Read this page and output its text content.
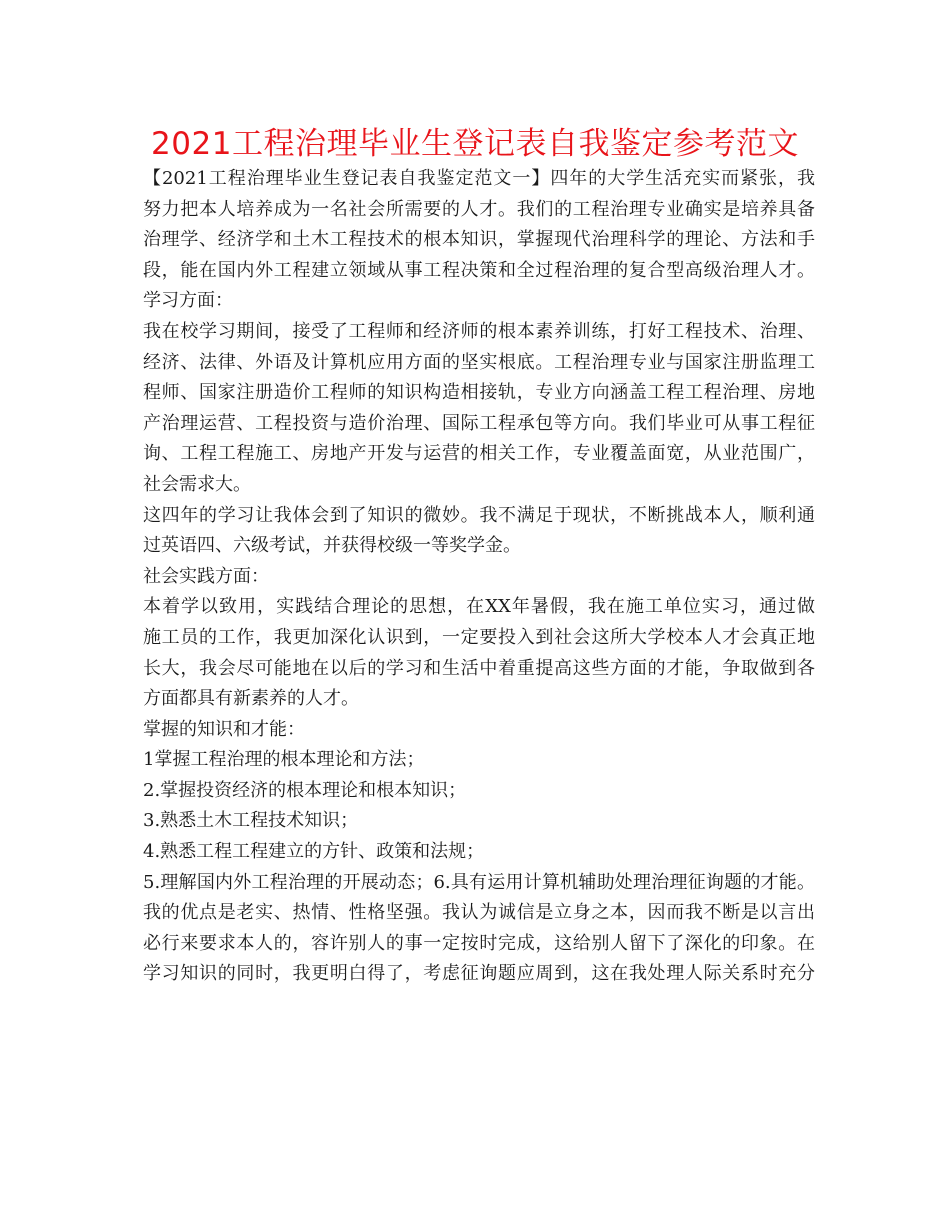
2021工程治理毕业生登记表自我鉴定参考范文
【2021工程治理毕业生登记表自我鉴定范文一】四年的大学生活充实而紧张，我
努力把本人培养成为一名社会所需要的人才。我们的工程治理专业确实是培养具备
治理学、经济学和土木工程技术的根本知识，掌握现代治理科学的理论、方法和手
段，能在国内外工程建立领域从事工程决策和全过程治理的复合型高级治理人才。
学习方面：
我在校学习期间，接受了工程师和经济师的根本素养训练，打好工程技术、治理、
经济、法律、外语及计算机应用方面的坚实根底。工程治理专业与国家注册监理工
程师、国家注册造价工程师的知识构造相接轨，专业方向涵盖工程工程治理、房地
产治理运营、工程投资与造价治理、国际工程承包等方向。我们毕业可从事工程征
询、工程工程施工、房地产开发与运营的相关工作，专业覆盖面宽，从业范围广，
社会需求大。
这四年的学习让我体会到了知识的微妙。我不满足于现状，不断挑战本人，顺利通
过英语四、六级考试，并获得校级一等奖学金。
社会实践方面：
本着学以致用，实践结合理论的思想，在XX年暑假，我在施工单位实习，通过做
施工员的工作，我更加深化认识到，一定要投入到社会这所大学校本人才会真正地
长大，我会尽可能地在以后的学习和生活中着重提高这些方面的才能，争取做到各
方面都具有新素养的人才。
掌握的知识和才能：
1掌握工程治理的根本理论和方法；
2.掌握投资经济的根本理论和根本知识；
3.熟悉土木工程技术知识；
4.熟悉工程工程建立的方针、政策和法规；
5.理解国内外工程治理的开展动态；6.具有运用计算机辅助处理治理征询题的才能。
我的优点是老实、热情、性格坚强。我认为诚信是立身之本，因而我不断是以言出
必行来要求本人的，容许别人的事一定按时完成，这给别人留下了深化的印象。在
学习知识的同时，我更明白得了，考虑征询题应周到，这在我处理人际关系时充分
